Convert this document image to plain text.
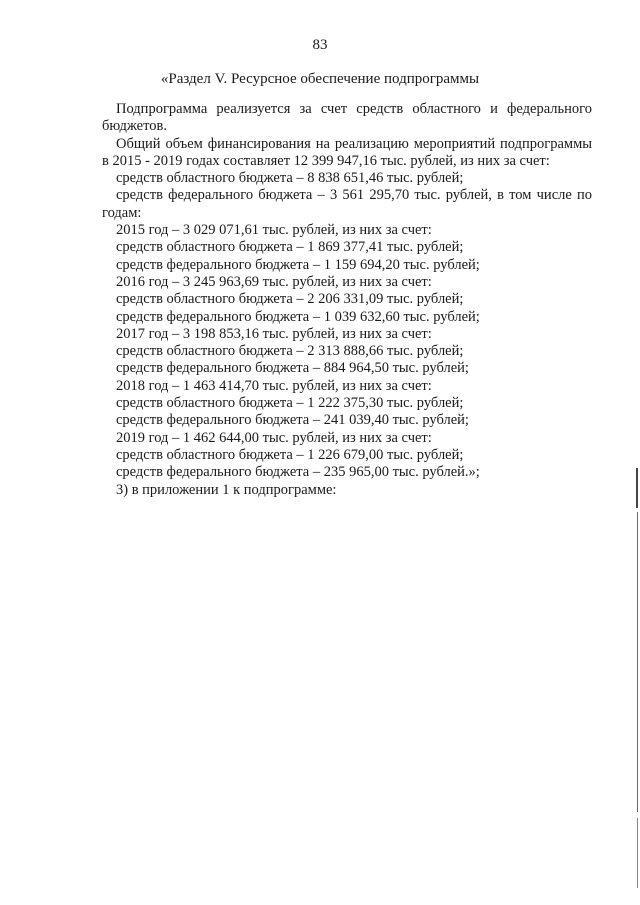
83
«Раздел V. Ресурсное обеспечение подпрограммы

Подпрограмма реализуется за счет средств областного и федерального бюджетов.

Общий объем финансирования на реализацию мероприятий подпрограммы в 2015 - 2019 годах составляет 12 399 947,16 тыс. рублей, из них за счет:

средств областного бюджета – 8 838 651,46 тыс. рублей;

средств федерального бюджета – 3 561 295,70 тыс. рублей, в том числе по годам:

2015 год – 3 029 071,61 тыс. рублей, из них за счет:

средств областного бюджета – 1 869 377,41 тыс. рублей;

средств федерального бюджета – 1 159 694,20 тыс. рублей;

2016 год – 3 245 963,69 тыс. рублей, из них за счет:

средств областного бюджета – 2 206 331,09 тыс. рублей;

средств федерального бюджета – 1 039 632,60 тыс. рублей;

2017 год – 3 198 853,16 тыс. рублей, из них за счет:

средств областного бюджета – 2 313 888,66 тыс. рублей;

средств федерального бюджета – 884 964,50 тыс. рублей;

2018 год – 1 463 414,70 тыс. рублей, из них за счет:

средств областного бюджета – 1 222 375,30 тыс. рублей;

средств федерального бюджета – 241 039,40 тыс. рублей;

2019 год – 1 462 644,00 тыс. рублей, из них за счет:

средств областного бюджета – 1 226 679,00 тыс. рублей;

средств федерального бюджета – 235 965,00 тыс. рублей.»;

3) в приложении 1 к подпрограмме:
